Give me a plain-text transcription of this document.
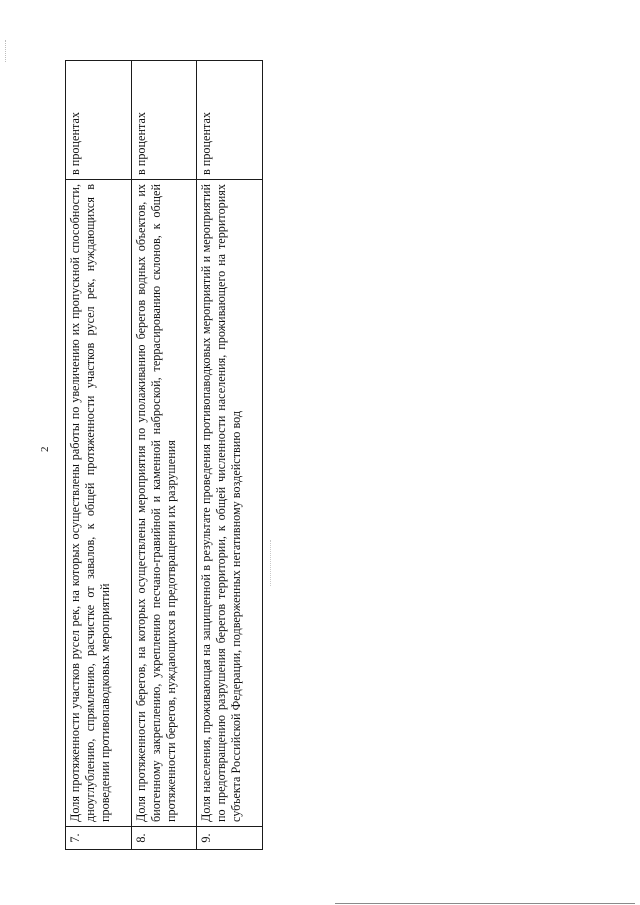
2
7.	Доля протяженности участков русел рек, на которых осуществлены работы по увеличению их пропускной способности, дноуглублению, спрямлению, расчистке от завалов, к общей протяженности участков русел рек, нуждающихся в проведении противопаводковых мероприятий	в процентах
8.	Доля протяженности берегов, на которых осуществлены мероприятия по уполаживанию берегов водных объектов, их биогенному закреплению, укреплению песчано-гравийной и каменной наброской, террасированию склонов, к общей протяженности берегов, нуждающихся в предотвращении их разрушения	в процентах
9.	Доля населения, проживающая на защищенной в результате проведения противопаводковых мероприятий и мероприятий по предотвращению разрушения берегов территории, к общей численности населения, проживающего на территориях субъекта Российской Федерации, подверженных негативному воздействию вод	в процентах
